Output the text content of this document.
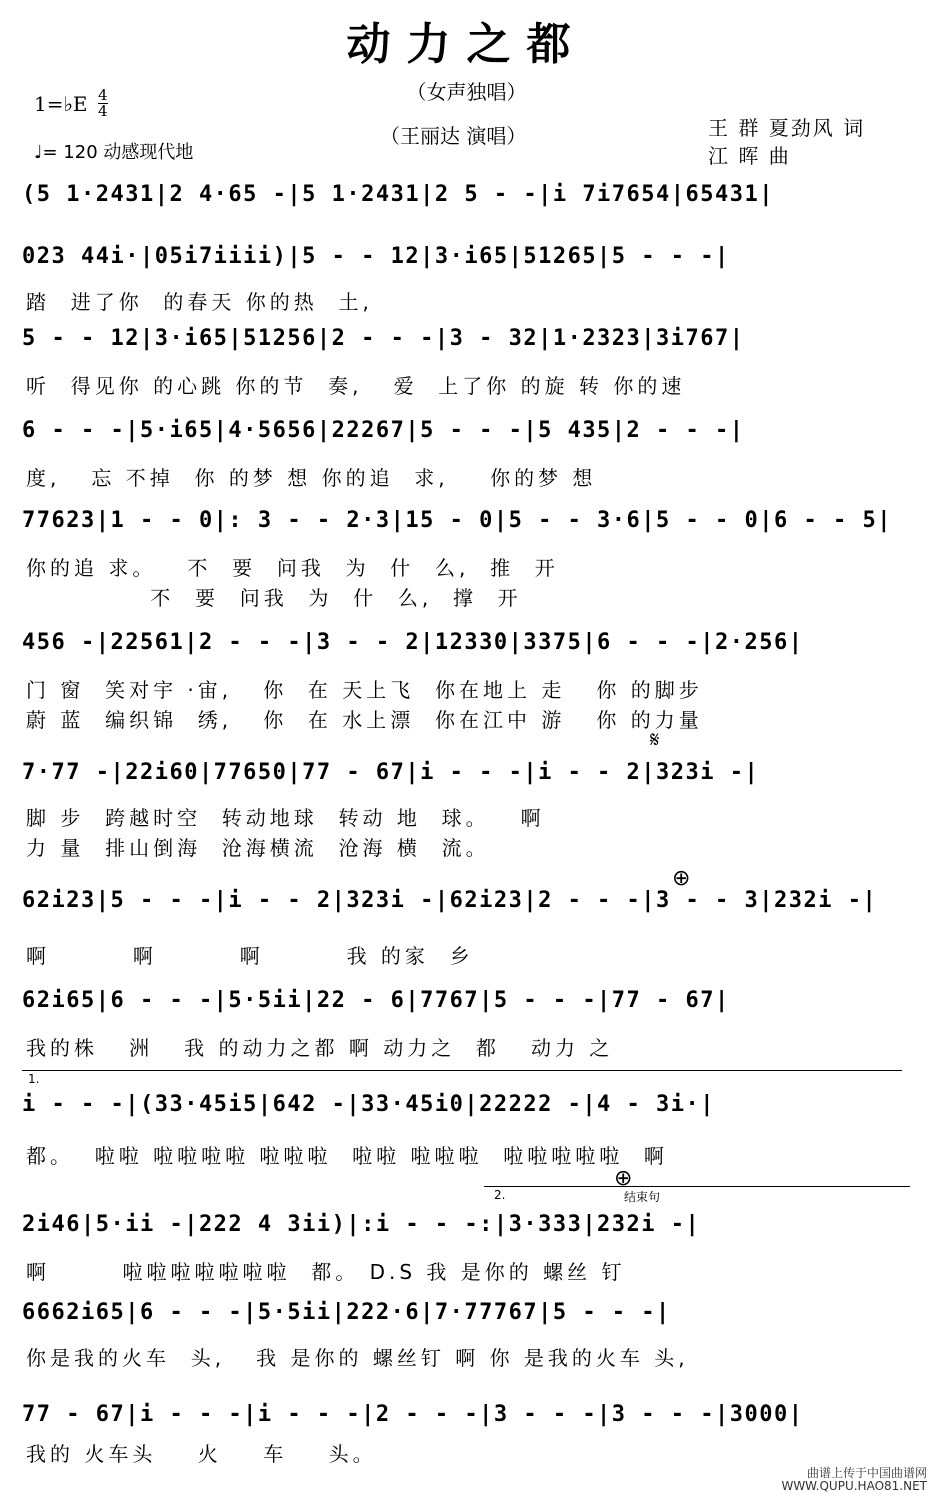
动力之都
（女声独唱）
1=♭E 4
4
（王丽达 演唱）	王 群 夏劲风 词
江 晖 曲
♩= 120 动感现代地
(5 1·2431|2 4·65 -|5 1·2431|2 5 - -|i 7i7654|65431|
023 44i·|05i7iiii)|5 - - 12|3·i65|51265|5 - - -|
踏  进了你  的春天 你的热  土,
5 - - 12|3·i65|51256|2 - - -|3 - 32|1·2323|3i767|
听  得见你 的心跳 你的节  奏,   爱  上了你 的旋 转 你的速
6 - - -|5·i65|4·5656|22267|5 - - -|5 435|2 - - -|
度,   忘 不掉  你 的梦 想 你的追  求,    你的梦 想
77623|1 - - 0|: 3 - - 2·3|15 - 0|5 - - 3·6|5 - - 0|6 - - 5|
你的追 求。   不  要  问我  为  什  么,  推  开
不  要  问我  为  什  么,  撑  开
456 -|22561|2 - - -|3 - - 2|12330|3375|6 - - -|2·256|
门 窗  笑对宇 ·宙,   你  在 天上飞  你在地上 走   你 的脚步
蔚 蓝  编织锦  绣,   你  在 水上漂  你在江中 游   你 的力量
7·77 -|22i60|77650|77 - 67|i - - -|i - - 2|323i -|
脚 步  跨越时空  转动地球  转动 地  球。   啊
力 量  排山倒海  沧海横流  沧海 横  流。
62i23|5 - - -|i - - 2|323i -|62i23|2 - - -|3 - - 3|232i -|
啊        啊        啊        我 的家  乡
62i65|6 - - -|5·5ii|22 - 6|7767|5 - - -|77 - 67|
我的株   洲   我 的动力之都 啊 动力之  都   动力 之
i - - -|(33·45i5|642 -|33·45i0|22222 -|4 - 3i·|
都。  啦啦 啦啦啦啦 啦啦啦  啦啦 啦啦啦  啦啦啦啦啦  啊
2i46|5·ii -|222 4 3ii)|:i - - -:|3·333|232i -|
啊       啦啦啦啦啦啦啦  都。 D.S 我 是你的 螺丝 钉
6662i65|6 - - -|5·5ii|222·6|7·77767|5 - - -|
你是我的火车  头,   我 是你的 螺丝钉 啊 你 是我的火车 头,
77 - 67|i - - -|i - - -|2 - - -|3 - - -|3 - - -|3000|
我的 火车头    火    车    头。
1.
2.	结束句
𝄋
⊕
⊕
曲谱上传于中国曲谱网
WWW.QUPU.HAO81.NET
